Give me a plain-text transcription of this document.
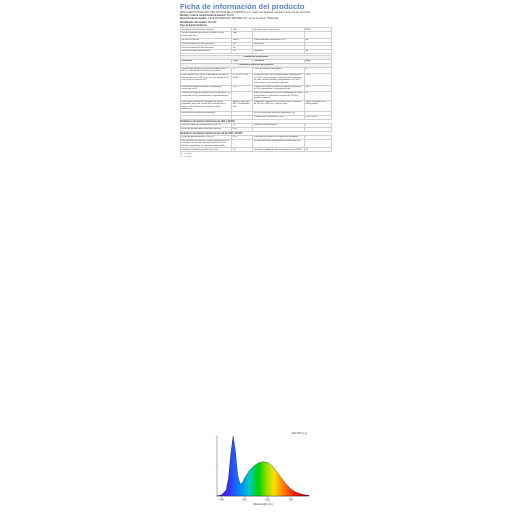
Ficha de información del producto
REGLAMENTO DELEGADO (UE) 2019/2015 DE LA COMISIÓN en lo relativo al etiquetado energético de las fuentes luminosas
Nombre o marca comercial del proveedor: PULUZ
Dirección del proveedor: JUICE INFORMATION TECHNOLOGY, 41 rue du Louvre 75012 Paris
Identificador del modelo: PU6369
Tipo de fuente luminosa:
Tecnología de iluminación utilizada	LED	No direccional o direccional	NDLS
Tipo de casquillo de la fuente luminosa (u otra interfaz eléctrica)	N/A		
De red o no de red	NMLS	Fuente luminosa conectada (CLS)	No
Fuente luminosa de color ajustable	No	Envolvente	-
Fuente luminosa de alta luminancia	No		
Protector antideslumbramiento	No	Regulable	No
Parámetros del producto			
Parámetro	Valor	Parámetro	Valor
Parámetros generales del producto			
Consumo de energía en modo encendido (kWh / 1 000 h), redondeado al entero más próximo	11	Clase de eficiencia energética	G
Flujo luminoso útil (Φuso), indicando si se refiere al flujo en una esfera (360°), en un cono amplio (120°) o en un cono estrecho (90°)	6 750 en Os 360 (360°)	Temperatura de color correlacionada, redondeada a los 100 K más próximos, o intervalo de temperaturas de color correlacionadas, redondeadas a los 100 K más próximos, que pueden regularse	5 800
Potencia en modo encendido (Pencendido), expresada en W	11,0	Potencia en modo de espera (Pespera), expresada en W y redondeada al segundo decimal	0,00
Potencia en modo de espera en red (Pred) para CLS, expresada en W y redondeada al segundo decimal	-	Índice de rendimiento de color, redondeado al entero más próximo, o intervalo de valores de CRI que pueden regularse	80
Dimensiones exteriores sin equipo de control separado, piezas de control de la iluminación ni piezas no de iluminación, cuando las haya (milímetros)	Altura 3 / Anchura 400 / Profundidad 400	Distribución espectral de la potencia en el intervalo de 250 nm a 800 nm, a plena carga	Véase la imagen en la última página
Declaración de potencia equivalente	-	En caso afirmativo, potencia equivalente (W)	-
		Coordenadas cromáticas (x e y)	0,330 / 0,347
Parámetros de fuentes luminosas de LED y OLED:
Valor del índice de rendimiento de color R9	73	Factor de mantenimiento	-
Factor de mantenimiento del flujo luminoso	0,96		
Parámetros de fuentes luminosas de red de LED y OLED:
Factor de desplazamiento (cos φ1)	0,99	Consistencia cromática en elipses de MacAdam	-
Declaraciones de que una fuente luminosa de LED sustituye a una fuente luminosa fluorescente sin balasto integrado de una potencia determinada	-	En caso afirmativo, declaración de sustitución (W)	-
Unidad de medición parpadeo (Pst LM)	2,5	Unidad de medida del efecto estroboscópico (SVM)	0,4
(1) ...no aplica
(2) ...no aplica
400	500	600	700
Wavelength (nm)
CIE 1931 (x,y)
